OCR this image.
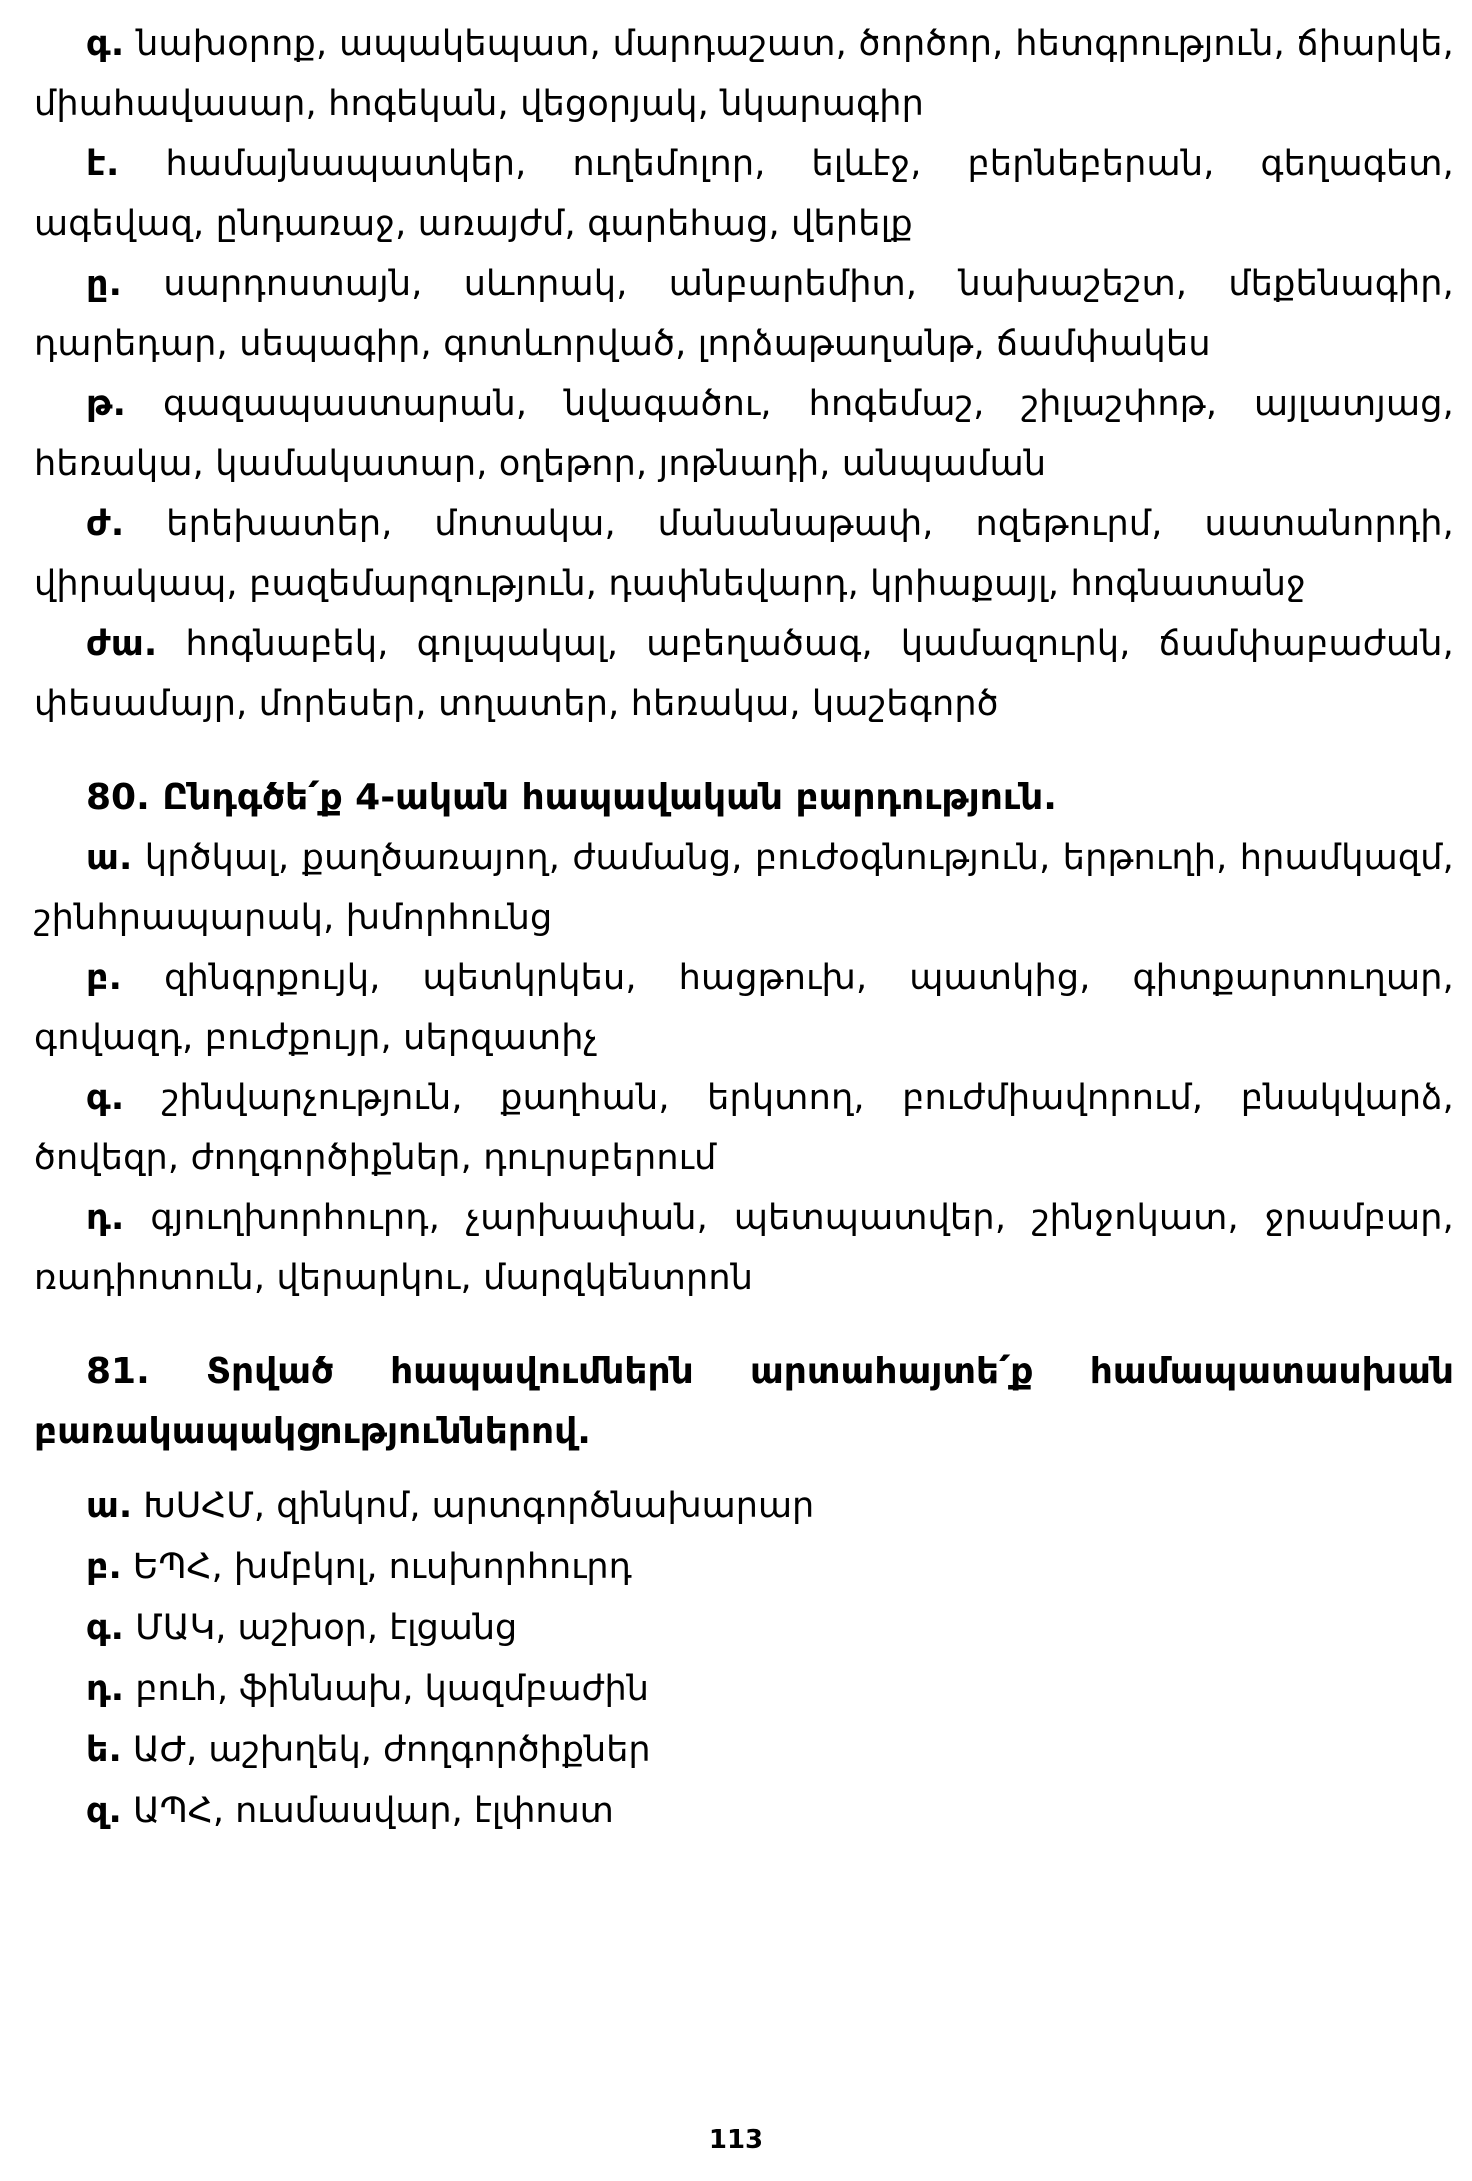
գ. նախօրոք, ապակեպատ, մարդաշատ, ծործոր, հետգրություն, ճիարկե, միահավասար, հոգեկան, վեցօրյակ, նկարագիր

է. համայնապատկեր, ուղեմոլոր, ելևէջ, բերնեբերան, գեղագետ, ագեվազ, ընդառաջ, առայժմ, գարեհաց, վերելք

ը. սարդոստայն, սևորակ, անբարեմիտ, նախաշեշտ, մեքենագիր, դարեդար, սեպագիր, գոտևորված, լորձաթաղանթ, ճամփակես

թ. գազապաստարան, նվագածու, հոգեմաշ, շիլաշփոթ, այլատյաց, հեռակա, կամակատար, օղեթոր, յոթնադի, անպաման

ժ. երեխատեր, մոտակա, մանանաթափ, ոզեթուրմ, սատանորդի, վիրակապ, բազեմարզություն, դափնեվարդ, կրիաքայլ, հոգնատանջ

ժա. հոգնաբեկ, գոլպակալ, աբեղածագ, կամազուրկ, ճամփաբաժան, փեսամայր, մորեսեր, տղատեր, հեռակա, կաշեգործ

80. Ընդգծե՛ք 4-ական հապավական բարդություն.

ա. կրծկալ, քաղծառայող, ժամանց, բուժօգնություն, երթուղի, հրամկազմ, շինհրապարակ, խմորհունց

բ. զինգրքույկ, պետկրկես, հացթուխ, պատկից, գիտքարտուղար, գովազդ, բուժքույր, սերզատիչ

գ. շինվարչություն, քաղհան, երկտող, բուժմիավորում, բնակվարձ, ծովեզր, ժողգործիքներ, դուրսբերում

դ. գյուղխորհուրդ, չարխափան, պետպատվեր, շինջոկատ, ջրամբար, ռադիոտուն, վերարկու, մարզկենտրոն

81. Տրված հապավումներն արտահայտե՛ք համապատասխան բառակապակցություններով.

ա. ԽՍՀՄ, զինկոմ, արտգործնախարար

բ. ԵՊՀ, խմբկոլ, ուսխորհուրդ

գ. ՄԱԿ, աշխօր, էլցանց

դ. բուհ, ֆիննախ, կազմբաժին

ե. ԱԺ, աշխղեկ, ժողգործիքներ

զ. ԱՊՀ, ուսմասվար, էլփոստ

113
